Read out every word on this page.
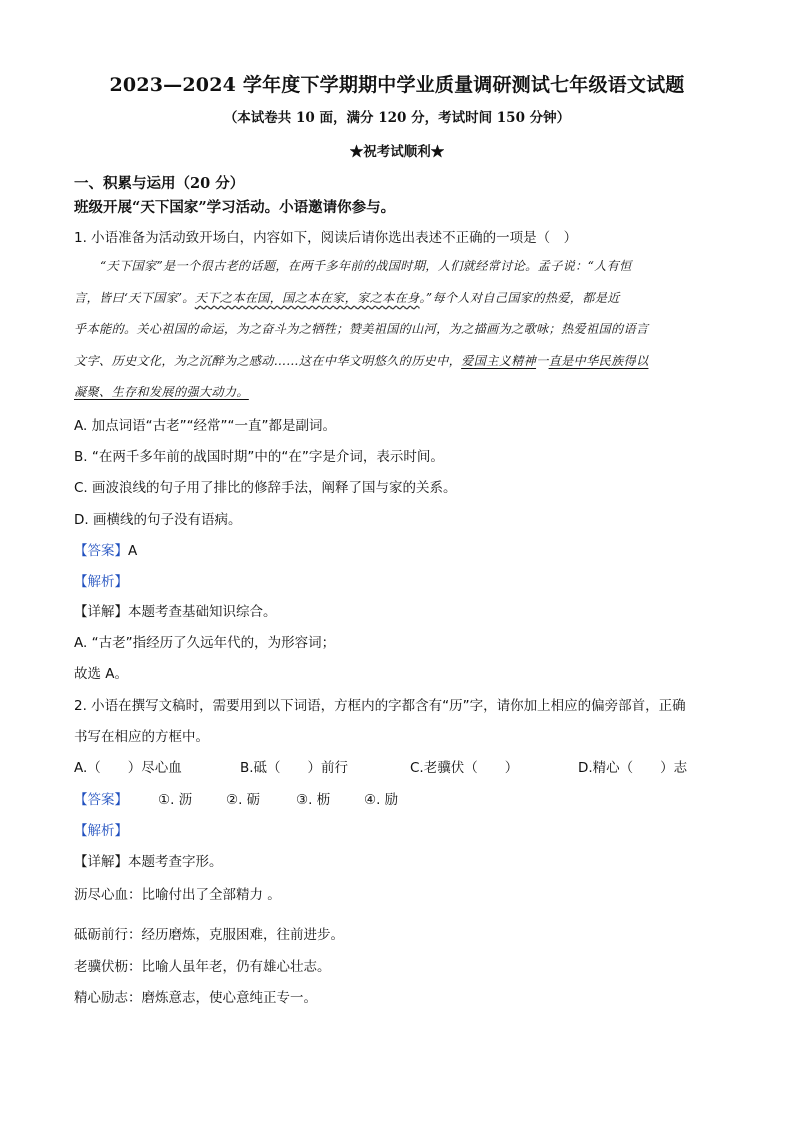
2023—2024 学年度下学期期中学业质量调研测试七年级语文试题
（本试卷共 10 面，满分 120 分，考试时间 150 分钟）
★祝考试顺利★
一、积累与运用（20 分）
班级开展“天下国家”学习活动。小语邀请你参与。
1. 小语准备为活动致开场白，内容如下，阅读后请你选出表述不正确的一项是（　）
“天下国家”是一个很古老的话题，在两千多年前的战国时期，人们就经常讨论。孟子说：“人有恒
言，皆曰‘天下国家’。天下之本在国，国之本在家，家之本在身。”每个人对自己国家的热爱，都是近
乎本能的。关心祖国的命运，为之奋斗为之牺牲；赞美祖国的山河，为之描画为之歌咏；热爱祖国的语言
文字、历史文化，为之沉醉为之感动……这在中华文明悠久的历史中，爱国主义精神一直是中华民族得以
凝聚、生存和发展的强大动力。
A. 加点词语“古老”“经常”“一直”都是副词。
B. “在两千多年前的战国时期”中的“在”字是介词，表示时间。
C. 画波浪线的句子用了排比的修辞手法，阐释了国与家的关系。
D. 画横线的句子没有语病。
【答案】A
【解析】
【详解】本题考查基础知识综合。
A. “古老”指经历了久远年代的，为形容词；
故选 A。
2. 小语在撰写文稿时，需要用到以下词语，方框内的字都含有“历”字，请你加上相应的偏旁部首，正确
书写在相应的方框中。
A.（　　）尽心血	B.砥（　　）前行	C.老骥伏（　　）	D.精心（　　）志
【答案】 ①. 沥	②. 砺	③. 枥	④. 励
【解析】
【详解】本题考查字形。
沥尽心血：比喻付出了全部精力 。
砥砺前行：经历磨炼，克服困难，往前进步。
老骥伏枥：比喻人虽年老，仍有雄心壮志。
精心励志：磨炼意志，使心意纯正专一。
